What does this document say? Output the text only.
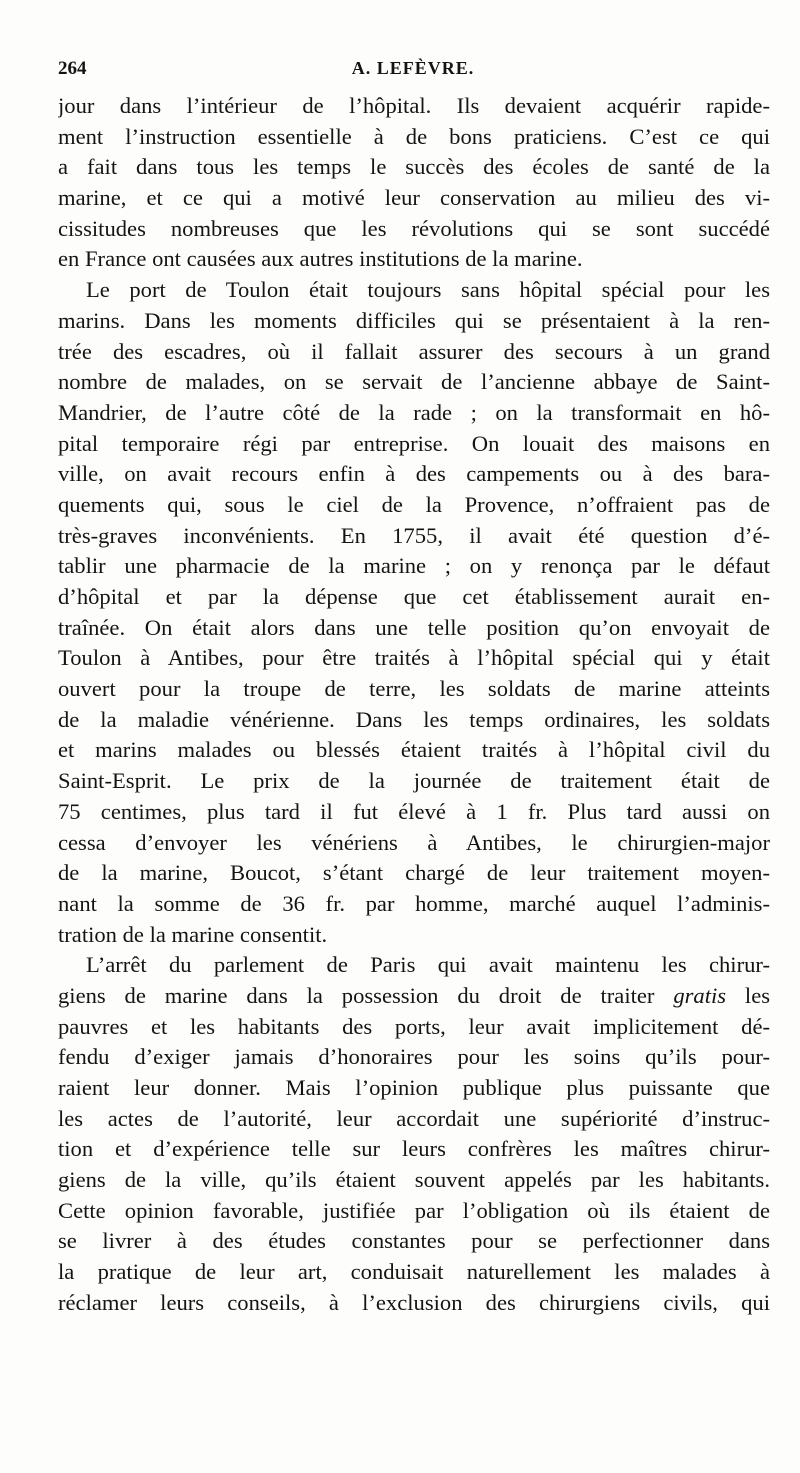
264	A. LEFÈVRE.
jour dans l’intérieur de l’hôpital. Ils devaient acquérir rapide-
ment l’instruction essentielle à de bons praticiens. C’est ce qui
a fait dans tous les temps le succès des écoles de santé de la
marine, et ce qui a motivé leur conservation au milieu des vi-
cissitudes nombreuses que les révolutions qui se sont succédé
en France ont causées aux autres institutions de la marine.
Le port de Toulon était toujours sans hôpital spécial pour les
marins. Dans les moments difficiles qui se présentaient à la ren-
trée des escadres, où il fallait assurer des secours à un grand
nombre de malades, on se servait de l’ancienne abbaye de Saint-
Mandrier, de l’autre côté de la rade ; on la transformait en hô-
pital temporaire régi par entreprise. On louait des maisons en
ville, on avait recours enfin à des campements ou à des bara-
quements qui, sous le ciel de la Provence, n’offraient pas de
très-graves inconvénients. En 1755, il avait été question d’é-
tablir une pharmacie de la marine ; on y renonça par le défaut
d’hôpital et par la dépense que cet établissement aurait en-
traînée. On était alors dans une telle position qu’on envoyait de
Toulon à Antibes, pour être traités à l’hôpital spécial qui y était
ouvert pour la troupe de terre, les soldats de marine atteints
de la maladie vénérienne. Dans les temps ordinaires, les soldats
et marins malades ou blessés étaient traités à l’hôpital civil du
Saint-Esprit. Le prix de la journée de traitement était de
75 centimes, plus tard il fut élevé à 1 fr. Plus tard aussi on
cessa d’envoyer les vénériens à Antibes, le chirurgien-major
de la marine, Boucot, s’étant chargé de leur traitement moyen-
nant la somme de 36 fr. par homme, marché auquel l’adminis-
tration de la marine consentit.
L’arrêt du parlement de Paris qui avait maintenu les chirur-
giens de marine dans la possession du droit de traiter gratis les
pauvres et les habitants des ports, leur avait implicitement dé-
fendu d’exiger jamais d’honoraires pour les soins qu’ils pour-
raient leur donner. Mais l’opinion publique plus puissante que
les actes de l’autorité, leur accordait une supériorité d’instruc-
tion et d’expérience telle sur leurs confrères les maîtres chirur-
giens de la ville, qu’ils étaient souvent appelés par les habitants.
Cette opinion favorable, justifiée par l’obligation où ils étaient de
se livrer à des études constantes pour se perfectionner dans
la pratique de leur art, conduisait naturellement les malades à
réclamer leurs conseils, à l’exclusion des chirurgiens civils, qui
